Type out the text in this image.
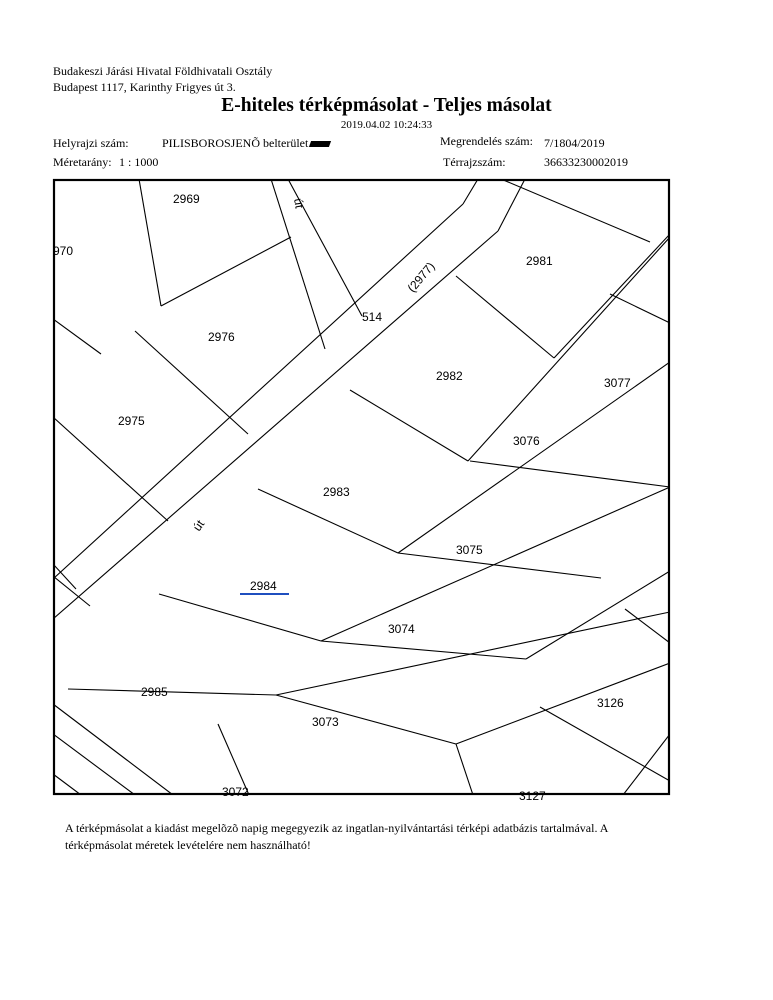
Budakeszi Járási Hivatal Földhivatali Osztály
Budapest 1117, Karinthy Frigyes út 3.
E-hiteles térképmásolat - Teljes másolat
2019.04.02 10:24:33
Helyrajzi szám:	PILISBOROSJENÕ belterület	Megrendelés szám: 7/1804/2019
Méretarány: 1 : 1000	Térrajzszám:	36633230002019
2969
970
2976
514
2981
2982	3077
2975
3076
2983
3075
2984
3074
2985
3126
3073
3072	3127
út
(2977)
út
A térképmásolat a kiadást megelõzõ napig megegyezik az ingatlan-nyilvántartási térképi adatbázis tartalmával. A térképmásolat méretek levételére nem használható!
